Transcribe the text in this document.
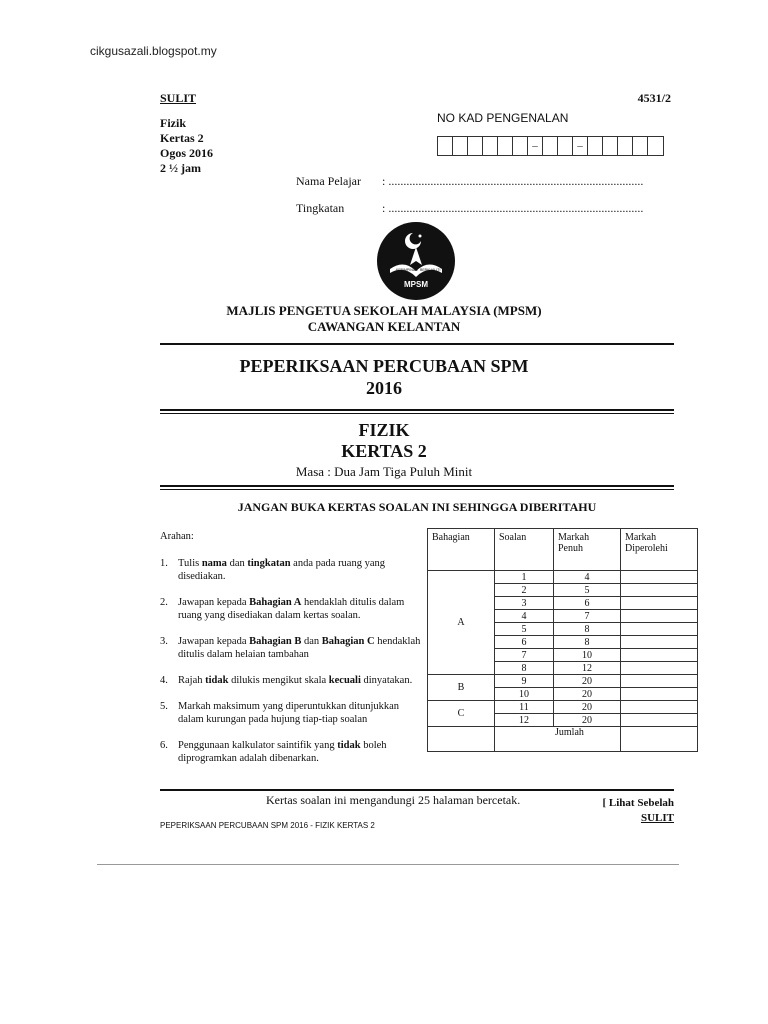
cikgusazali.blogspot.my
SULIT	4531/2
Fizik
Kertas 2
Ogos 2016
2 ½ jam
NO KAD PENGENALAN
–	–
Nama Pelajar : .....................................................................................
Tingkatan	: .....................................................................................
KEPIMPINAN BERKUALITI
MPSM
MAJLIS PENGETUA SEKOLAH MALAYSIA (MPSM)
CAWANGAN KELANTAN
PEPERIKSAAN PERCUBAAN SPM
2016
FIZIK
KERTAS 2
Masa : Dua Jam Tiga Puluh Minit
JANGAN BUKA KERTAS SOALAN INI SEHINGGA DIBERITAHU
Arahan:
1. Tulis nama dan tingkatan anda pada ruang yang disediakan.
2. Jawapan kepada Bahagian A hendaklah ditulis dalam ruang yang disediakan dalam kertas soalan.
3. Jawapan kepada Bahagian B dan Bahagian C hendaklah ditulis dalam helaian tambahan
4. Rajah tidak dilukis mengikut skala kecuali dinyatakan.
5. Markah maksimum yang diperuntukkan ditunjukkan dalam kurungan pada hujung tiap-tiap soalan
6. Penggunaan kalkulator saintifik yang tidak boleh diprogramkan adalah dibenarkan.
Bahagian	Soalan	Markah Penuh	Markah Diperolehi
A	1	4	
	2	5	
	3	6	
	4	7	
	5	8	
	6	8	
	7	10	
	8	12	
B	9	20	
	10	20	
C	11	20	
	12	20	
	Jumlah		
Kertas soalan ini mengandungi 25 halaman bercetak.	[ Lihat Sebelah
SULIT
PEPERIKSAAN PERCUBAAN SPM 2016 - FIZIK KERTAS 2
